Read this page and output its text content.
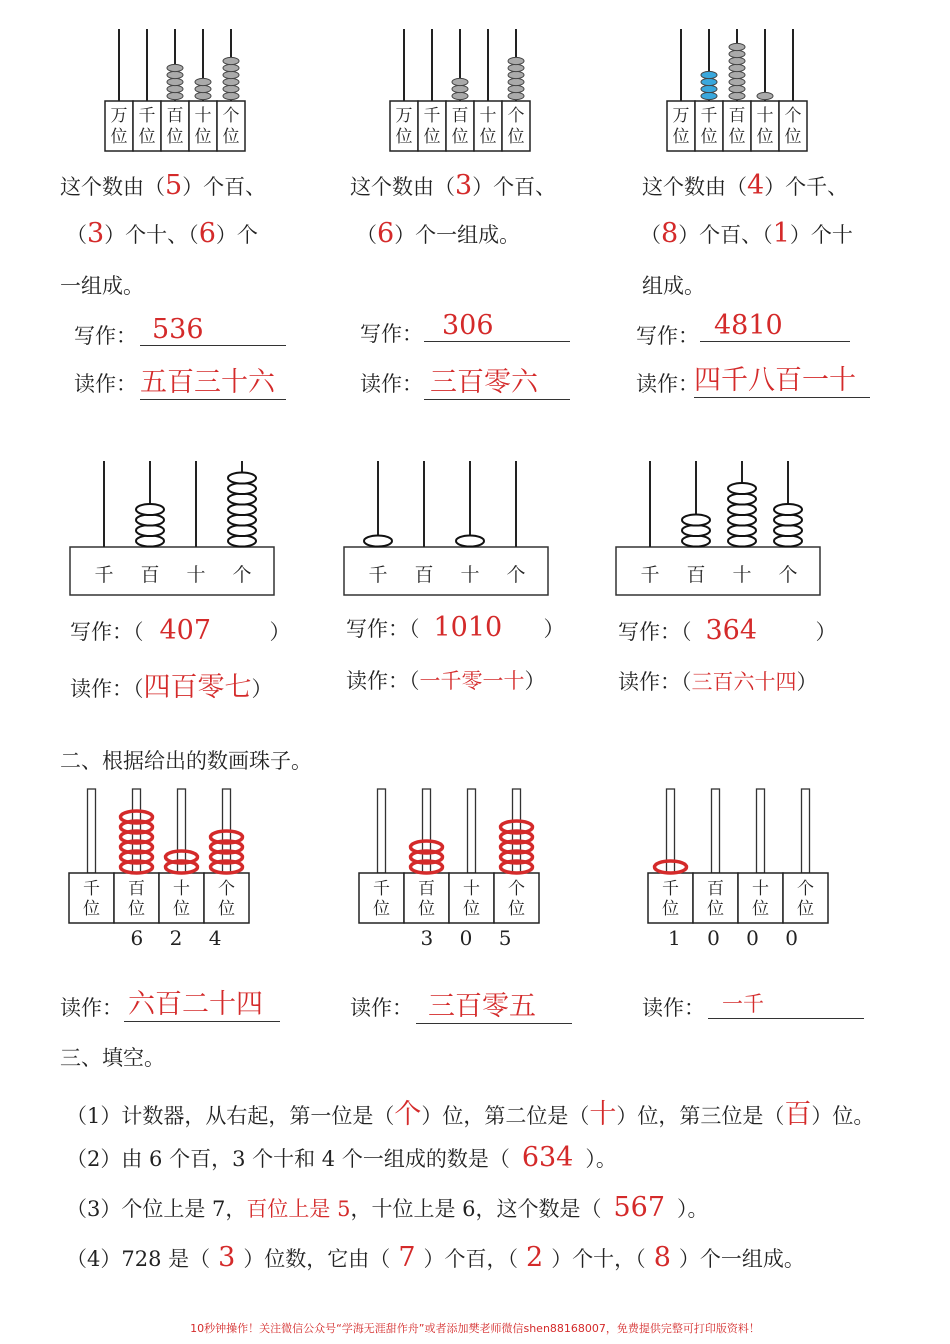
万
位
千
位
百
位
十
位
个
位
万
位
千
位
百
位
十
位
个
位
万
位
千
位
百
位
十
位
个
位
这个数由（5）个百、
（3）个十、（6）个
一组成。
写作： 536
读作： 五百三十六
这个数由（3）个百、
（6）个一组成。
写作： 306
读作： 三百零六
这个数由（4）个千、
（8）个百、（1）个十
组成。
写作： 4810
读作：
四千八百一十
千 百 十 个	千 百 十 个	千 百 十 个
写作：（ 407	）
读作：（四百零七）
写作：（ 1010 ）
读作：（一千零一十）
写作：（ 364	）
读作：（三百六十四）
二、根据给出的数画珠子。
千
位
百
位
十
位
个
位
6 2 4
千
位
百
位
十
位
个
位
3 0 5
千
位
百
位
十
位
个
位
1 0 0 0
读作： 六百二十四	读作： 三百零五	读作： 一千
三、填空。
（1）计数器，从右起，第一位是（个）位，第二位是（十）位，第三位是（百）位。
（2）由 6 个百，3 个十和 4 个一组成的数是（ 634 ）。
（3）个位上是 7，百位上是 5，十位上是 6，这个数是（ 567 ）。
（4）728 是（ 3 ）位数，它由（ 7 ）个百，（ 2 ）个十，（ 8 ）个一组成。
10秒钟操作！关注微信公众号“学海无涯甜作舟”或者添加樊老师微信shen88168007，免费提供完整可打印版资料！
